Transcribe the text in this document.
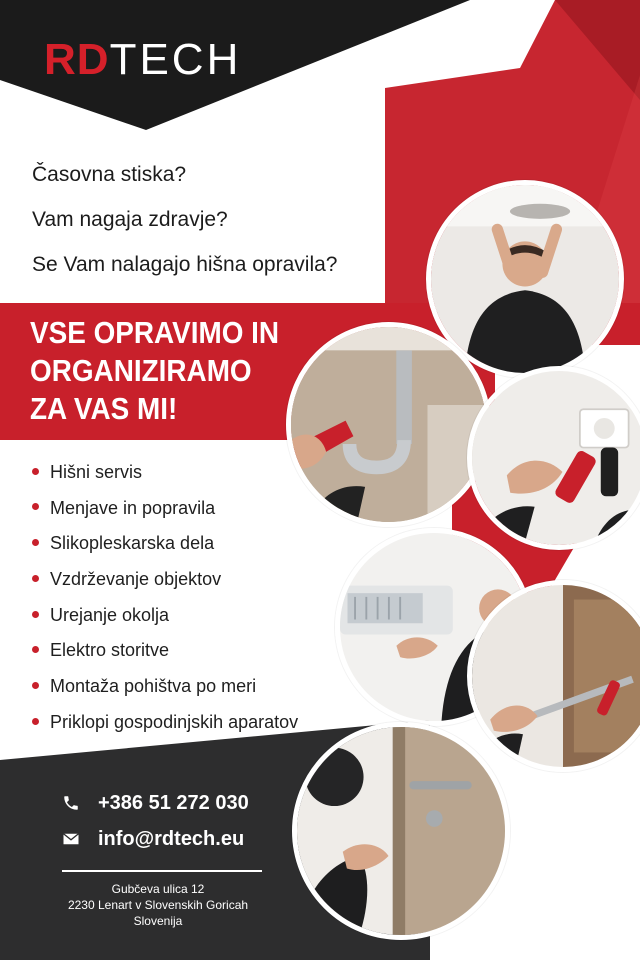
RDTECH
Časovna stiska?
Vam nagaja zdravje?
Se Vam nalagajo hišna opravila?
VSE OPRAVIMO IN
ORGANIZIRAMO
ZA VAS MI!
Hišni servis
Menjave in popravila
Slikopleskarska dela
Vzdrževanje objektov
Urejanje okolja
Elektro storitve
Montaža pohištva po meri
Priklopi gospodinjskih aparatov
+386 51 272 030
info@rdtech.eu
Gubčeva ulica 12
2230 Lenart v Slovenskih Goricah
Slovenija
